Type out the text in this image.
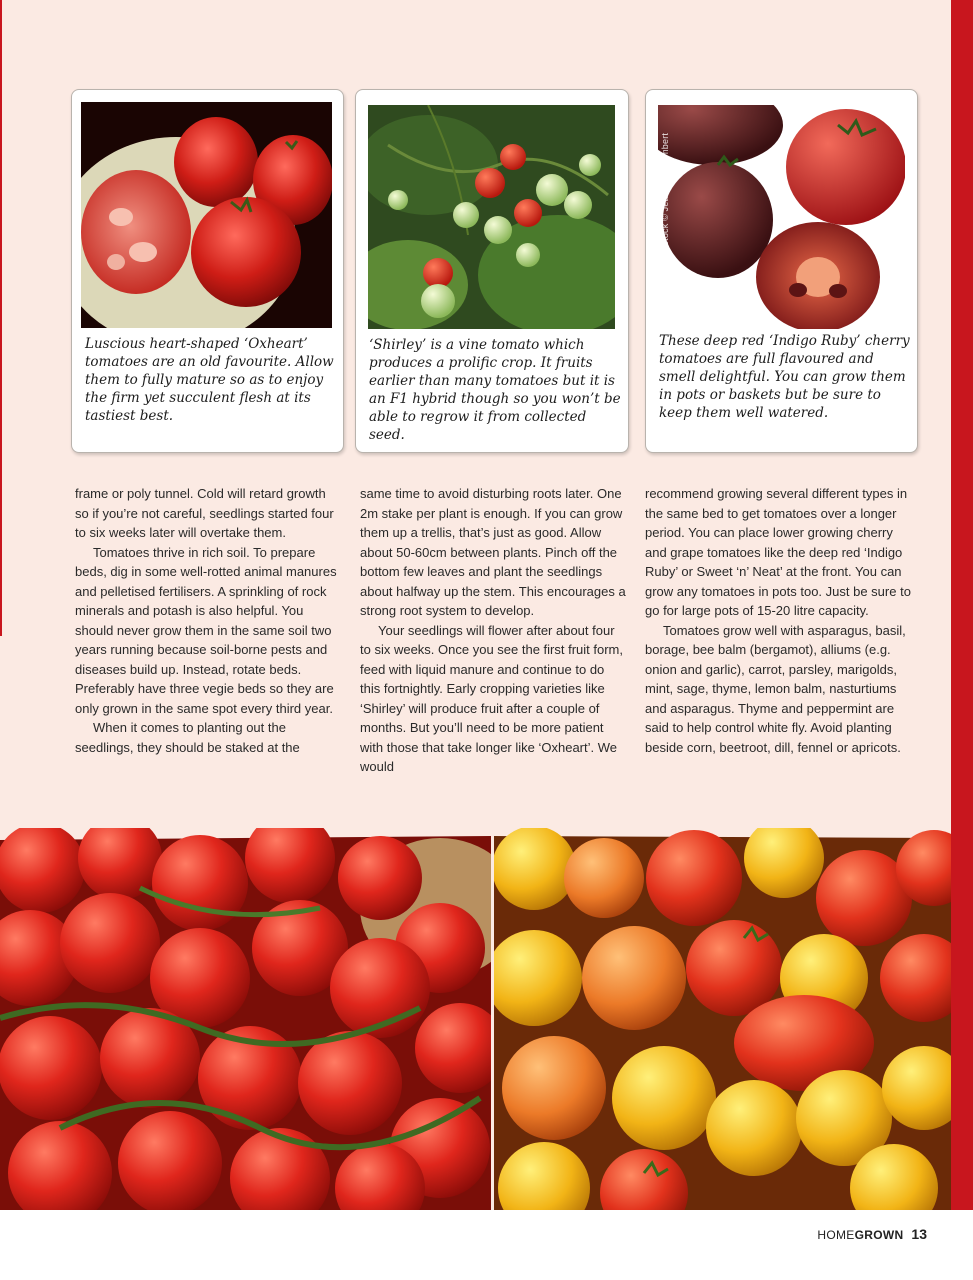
Luscious heart-shaped ‘Oxheart’ tomatoes are an old favourite. Allow them to fully mature so as to enjoy the firm yet succulent flesh at its tastiest best.
‘Shirley’ is a vine tomato which produces a prolific crop. It fruits earlier than many tomatoes but it is an F1 hybrid though so you won’t be able to regrow it from collected seed.
These deep red ‘Indigo Ruby’ cherry tomatoes are full flavoured and smell delightful. You can grow them in pots or baskets but be sure to keep them well watered.
Shutterstock © Jeannette Lambert

frame or poly tunnel. Cold will retard growth so if you’re not careful, seedlings started four to six weeks later will overtake them.

Tomatoes thrive in rich soil. To prepare beds, dig in some well-rotted animal manures and pelletised fertilisers. A sprinkling of rock minerals and potash is also helpful. You should never grow them in the same soil two years running because soil-borne pests and diseases build up. Instead, rotate beds. Preferably have three vegie beds so they are only grown in the same spot every third year.

When it comes to planting out the seedlings, they should be staked at the

same time to avoid disturbing roots later. One 2m stake per plant is enough. If you can grow them up a trellis, that’s just as good. Allow about 50-60cm between plants. Pinch off the bottom few leaves and plant the seedlings about halfway up the stem. This encourages a strong root system to develop.

Your seedlings will flower after about four to six weeks. Once you see the first fruit form, feed with liquid manure and continue to do this fortnightly. Early cropping varieties like ‘Shirley’ will produce fruit after a couple of months. But you’ll need to be more patient with those that take longer like ‘Oxheart’. We would

recommend growing several different types in the same bed to get tomatoes over a longer period. You can place lower growing cherry and grape tomatoes like the deep red ‘Indigo Ruby’ or Sweet ‘n’ Neat’ at the front. You can grow any tomatoes in pots too. Just be sure to go for large pots of 15-20 litre capacity.

Tomatoes grow well with asparagus, basil, borage, bee balm (bergamot), alliums (e.g. onion and garlic), carrot, parsley, marigolds, mint, sage, thyme, lemon balm, nasturtiums and asparagus. Thyme and peppermint are said to help control white fly. Avoid planting beside corn, beetroot, dill, fennel or apricots.

HOMEGROWN 13
